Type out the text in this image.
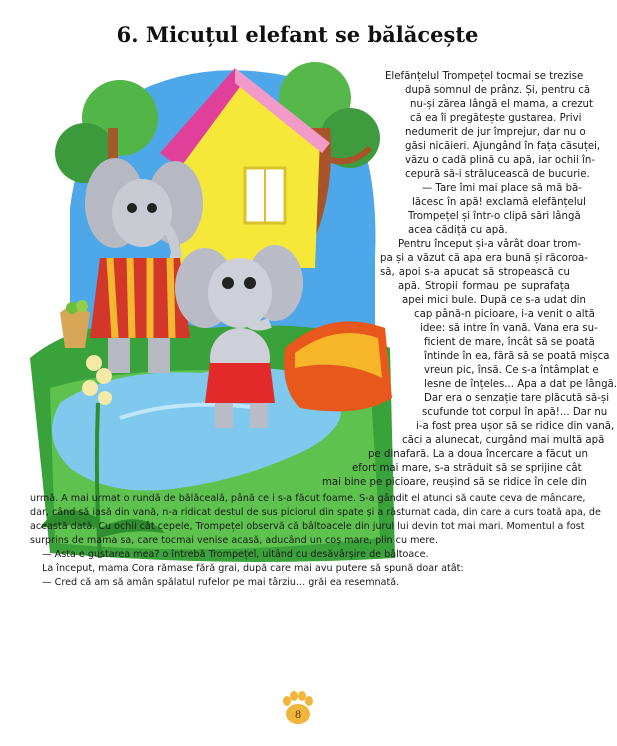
6. Micuțul elefant se bălăcește
Elefănțelul Trompețel tocmai se trezise
după somnul de prânz. Și, pentru că
nu-și zărea lângă el mama, a crezut
că ea îi pregătește gustarea. Privi
nedumerit de jur împrejur, dar nu o
găsi nicăieri. Ajungând în fața căsuței,
văzu o cadă plină cu apă, iar ochii în-
cepură să-i strălucească de bucurie.
— Tare îmi mai place să mă bă-
lăcesc în apă! exclamă elefănțelul
Trompețel și într-o clipă sări lângă
acea cădiță cu apă.
Pentru început și-a vârât doar trom-
pa și a văzut că apa era bună și răcoroa-
să, apoi s-a apucat să stropească cu
apă. Stropii formau pe suprafața
apei mici bule. După ce s-a udat din
cap până-n picioare, i-a venit o altă
idee: să intre în vană. Vana era su-
ficient de mare, încât să se poată
întinde în ea, fără să se poată mișca
vreun pic, însă. Ce s-a întâmplat e
lesne de înțeles... Apa a dat pe lângă.
Dar era o senzație tare plăcută să-și
scufunde tot corpul în apă!... Dar nu
i-a fost prea ușor să se ridice din vană,
căci a alunecat, curgând mai multă apă
pe dinafară. La a doua încercare a făcut un
efort mai mare, s-a străduit să se sprijine cât
mai bine pe picioare, reușind să se ridice în cele din
urmă. A mai urmat o rundă de bălăceală, până ce i s-a făcut foame. S-a gândit el atunci să caute ceva de mâncare,
dar, când să iasă din vană, n-a ridicat destul de sus piciorul din spate și a răsturnat cada, din care a curs toată apa, de
această dată. Cu ochii cât cepele, Trompețel observă că bâltoacele din jurul lui devin tot mai mari. Momentul a fost
surprins de mama sa, care tocmai venise acasă, aducând un coș mare, plin cu mere.
— Asta e gustarea mea? o întrebă Trompețel, uitând cu desăvârșire de bâltoace.
La început, mama Cora rămase fără grai, după care mai avu putere să spună doar atât:
— Cred că am să amân spălatul rufelor pe mai târziu... grăi ea resemnată.
8
